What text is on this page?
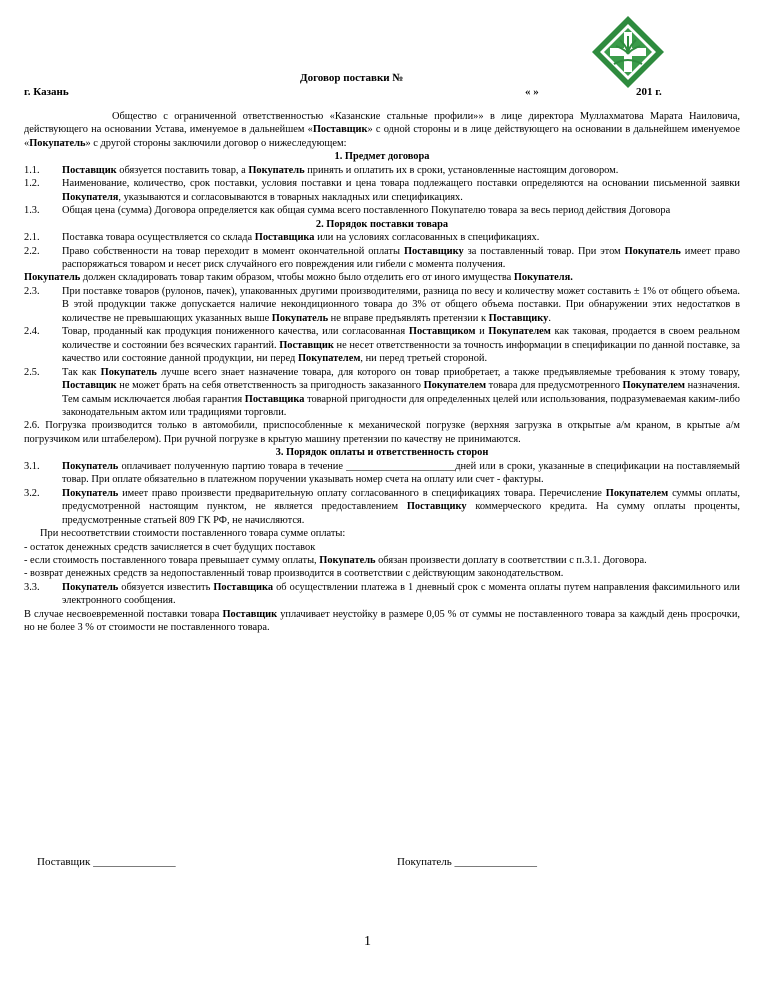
Договор поставки №
г. Казань	« »	201 г.

Общество с ограниченной ответственностью «Казанские стальные профили»» в лице директора Муллахматова Марата Наиловича, действующего на основании Устава, именуемое в дальнейшем «Поставщик» с одной стороны и в лице действующего на основании в дальнейшем именуемое «Покупатель» с другой стороны заключили договор о нижеследующем:

1. Предмет договора

1.1. Поставщик обязуется поставить товар, а Покупатель принять и оплатить их в сроки, установленные настоящим договором.

1.2. Наименование, количество, срок поставки, условия поставки и цена товара подлежащего поставки определяются на основании письменной заявки Покупателя, указываются и согласовываются в товарных накладных или спецификациях.

1.3. Общая цена (сумма) Договора определяется как общая сумма всего поставленного Покупателю товара за весь период действия Договора

2. Порядок поставки товара

2.1. Поставка товара осуществляется со склада Поставщика или на условиях согласованных в спецификациях.

2.2. Право собственности на товар переходит в момент окончательной оплаты Поставщику за поставленный товар. При этом Покупатель имеет право распоряжаться товаром и несет риск случайного его повреждения или гибели с момента получения.

Покупатель должен складировать товар таким образом, чтобы можно было отделить его от иного имущества Покупателя.

2.3. При поставке товаров (рулонов, пачек), упакованных другими производителями, разница по весу и количеству может составить ± 1% от общего объема. В этой продукции также допускается наличие некондиционного товара до 3% от общего объема поставки. При обнаружении этих недостатков в количестве не превышающих указанных выше Покупатель не вправе предъявлять претензии к Поставщику.

2.4. Товар, проданный как продукция пониженного качества, или согласованная Поставщиком и Покупателем как таковая, продается в своем реальном количестве и состоянии без всяческих гарантий. Поставщик не несет ответственности за точность информации в спецификации по данной поставке, за качество или состояние данной продукции, ни перед Покупателем, ни перед третьей стороной.

2.5. Так как Покупатель лучше всего знает назначение товара, для которого он товар приобретает, а также предъявляемые требования к этому товару, Поставщик не может брать на себя ответственность за пригодность заказанного Покупателем товара для предусмотренного Покупателем назначения. Тем самым исключается любая гарантия Поставщика товарной пригодности для определенных целей или использования, подразумеваемая каким-либо законодательным актом или традициями торговли.

2.6. Погрузка производится только в автомобили, приспособленные к механической погрузке (верхняя загрузка в открытые а/м краном, в крытые а/м погрузчиком или штабелером). При ручной погрузке в крытую машину претензии по качеству не принимаются.

3. Порядок оплаты и ответственность сторон

3.1. Покупатель оплачивает полученную партию товара в течение _____________________дней или в сроки, указанные в спецификации на поставляемый товар. При оплате обязательно в платежном поручении указывать номер счета на оплату или счет - фактуры.

3.2. Покупатель имеет право произвести предварительную оплату согласованного в спецификациях товара. Перечисление Покупателем суммы оплаты, предусмотренной настоящим пунктом, не является предоставлением Поставщику коммерческого кредита. На сумму оплаты проценты, предусмотренные статьей 809 ГК РФ, не начисляются.

При несоответствии стоимости поставленного товара сумме оплаты:

- остаток денежных средств зачисляется в счет будущих поставок

- если стоимость поставленного товара превышает сумму оплаты, Покупатель обязан произвести доплату в соответствии с п.3.1. Договора.

- возврат денежных средств за недопоставленный товар производится в соответствии с действующим законодательством.

3.3. Покупатель обязуется известить Поставщика об осуществлении платежа в 1 дневный срок с момента оплаты путем направления факсимильного или электронного сообщения.

В случае несвоевременной поставки товара Поставщик уплачивает неустойку в размере 0,05 % от суммы не поставленного товара за каждый день просрочки, но не более 3 % от стоимости не поставленного товара.

Поставщик _______________	Покупатель _______________
1
